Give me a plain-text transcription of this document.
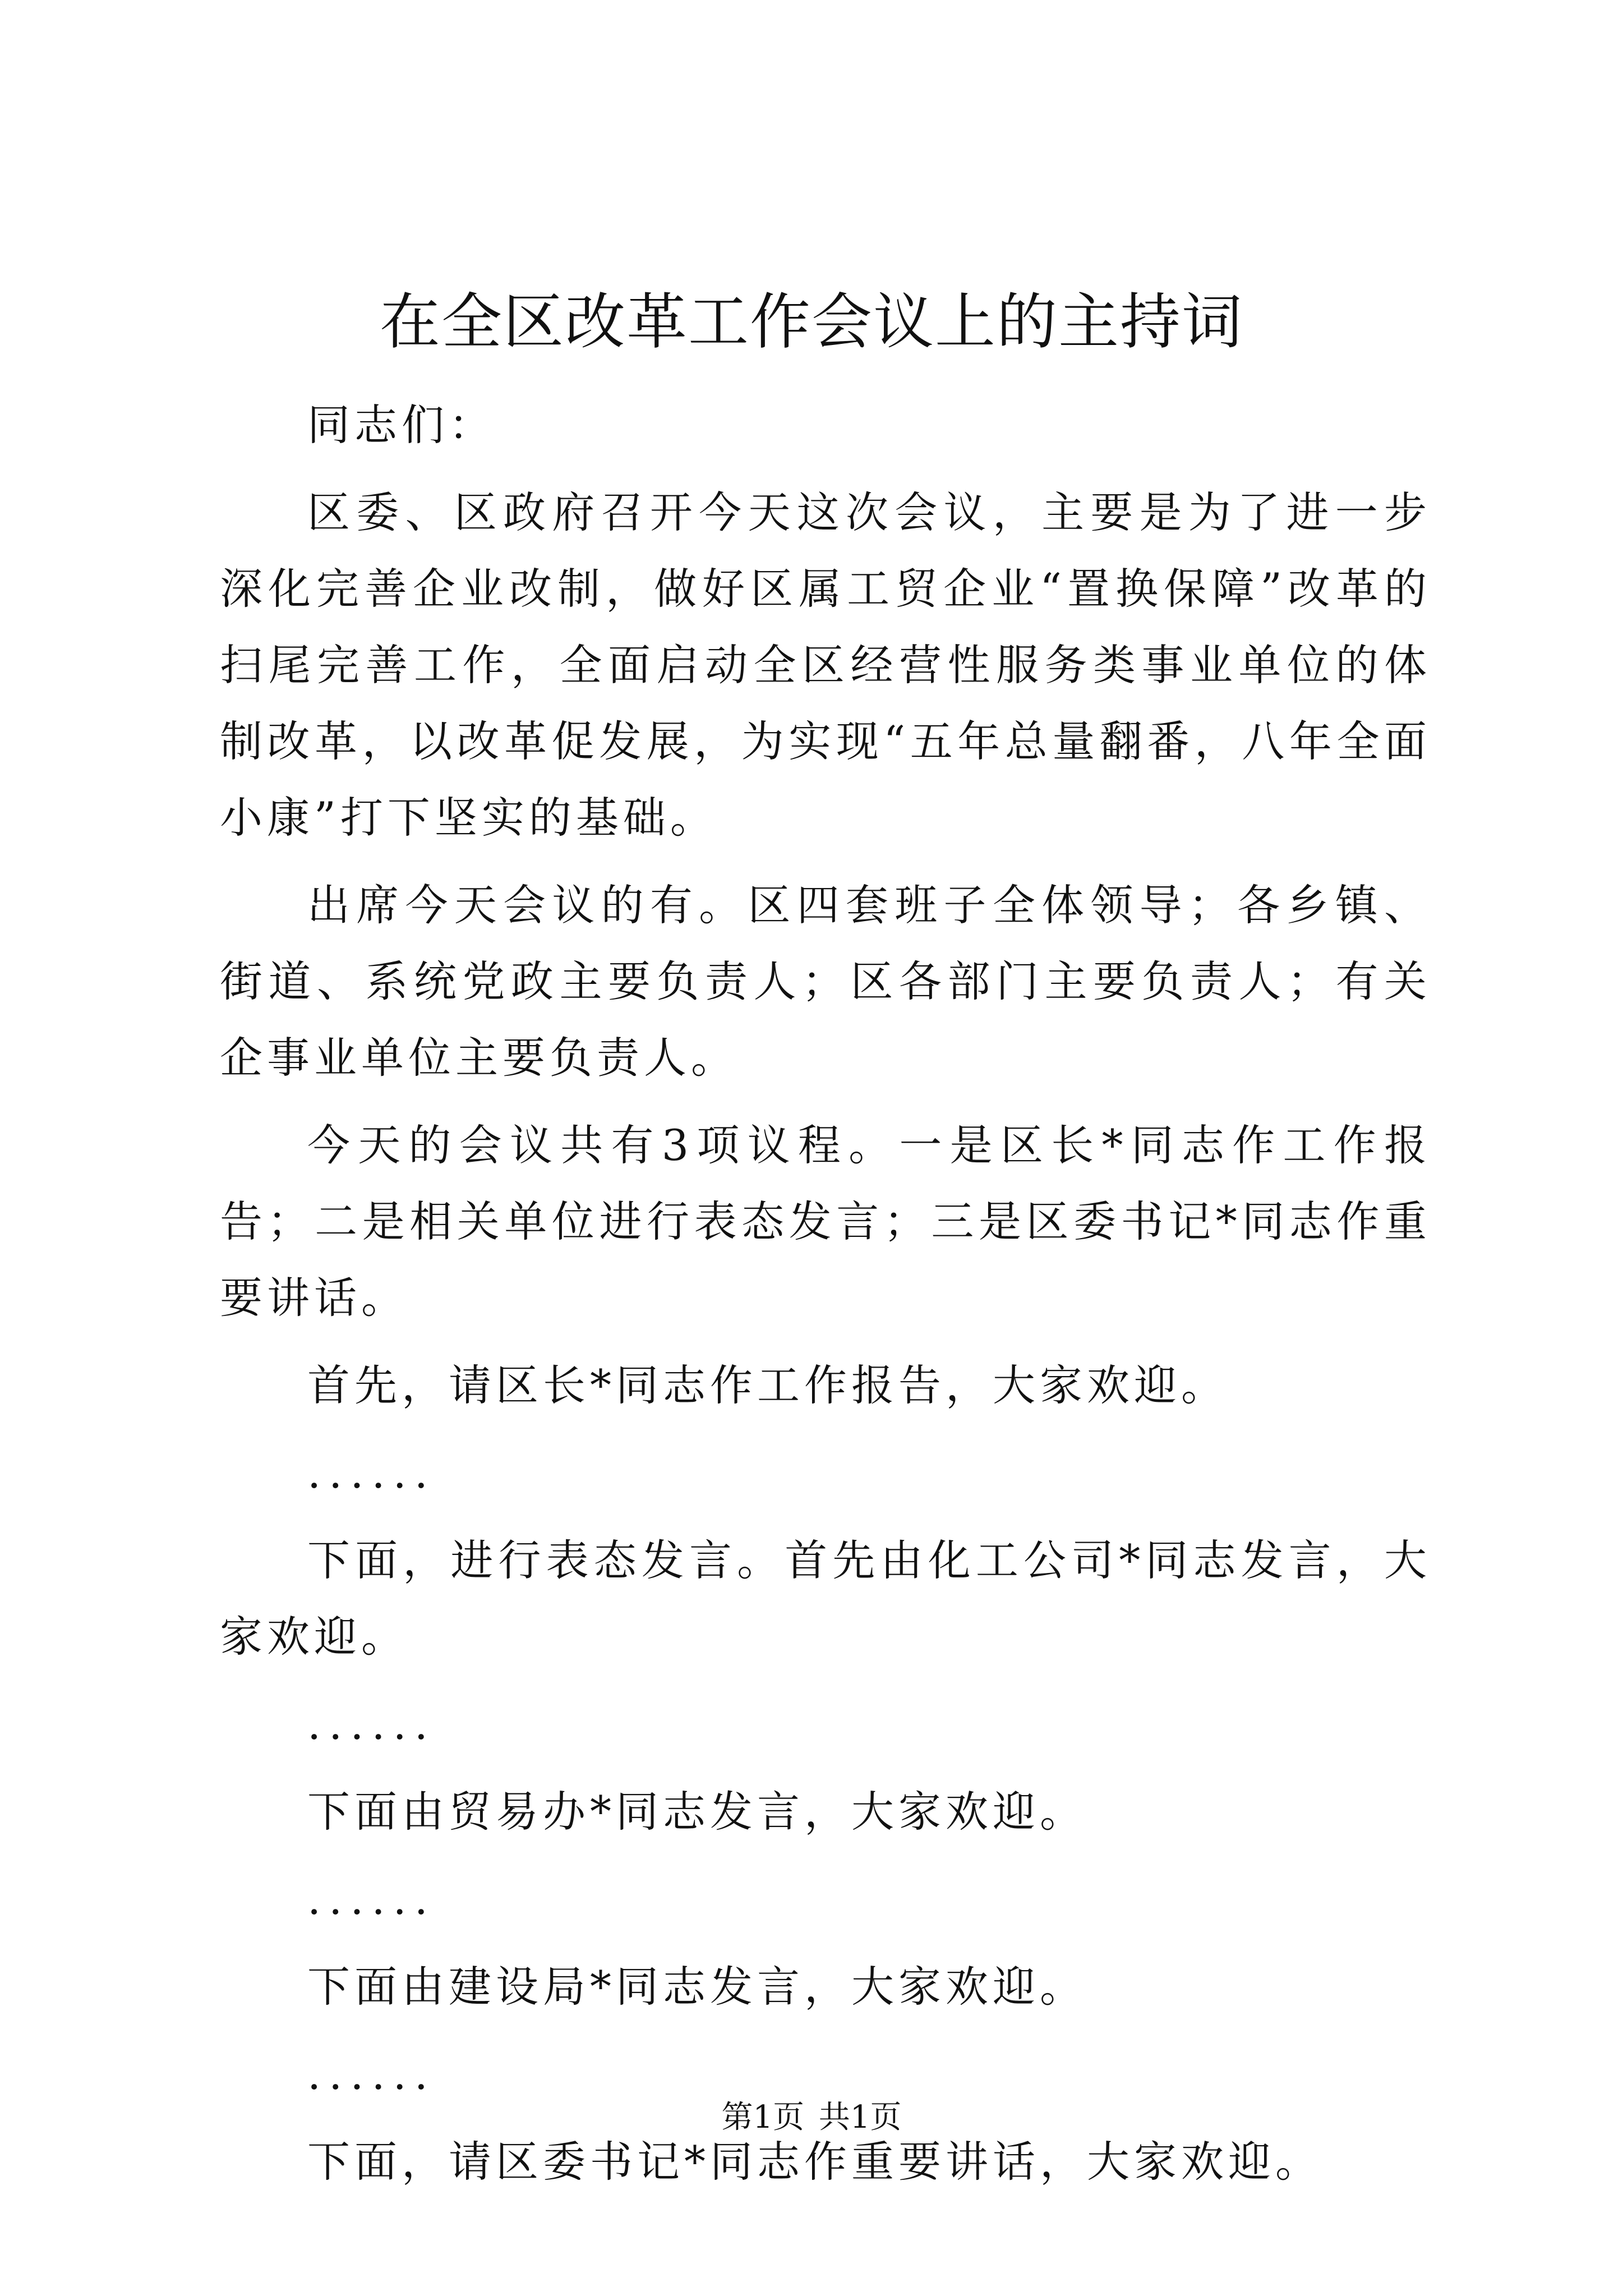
在全区改革工作会议上的主持词

同志们：

区委、区政府召开今天这次会议，主要是为了进一步深化完善企业改制，做好区属工贸企业“置换保障”改革的扫尾完善工作，全面启动全区经营性服务类事业单位的体制改革，以改革促发展，为实现“五年总量翻番，八年全面小康”打下坚实的基础。

出席今天会议的有。区四套班子全体领导；各乡镇、街道、系统党政主要负责人；区各部门主要负责人；有关企事业单位主要负责人。

今天的会议共有3项议程。一是区长*同志作工作报告；二是相关单位进行表态发言；三是区委书记*同志作重要讲话。

首先，请区长*同志作工作报告，大家欢迎。

......

下面，进行表态发言。首先由化工公司*同志发言，大家欢迎。

......

下面由贸易办*同志发言，大家欢迎。

......

下面由建设局*同志发言，大家欢迎。

......

下面，请区委书记*同志作重要讲话，大家欢迎。

第1页 共1页
